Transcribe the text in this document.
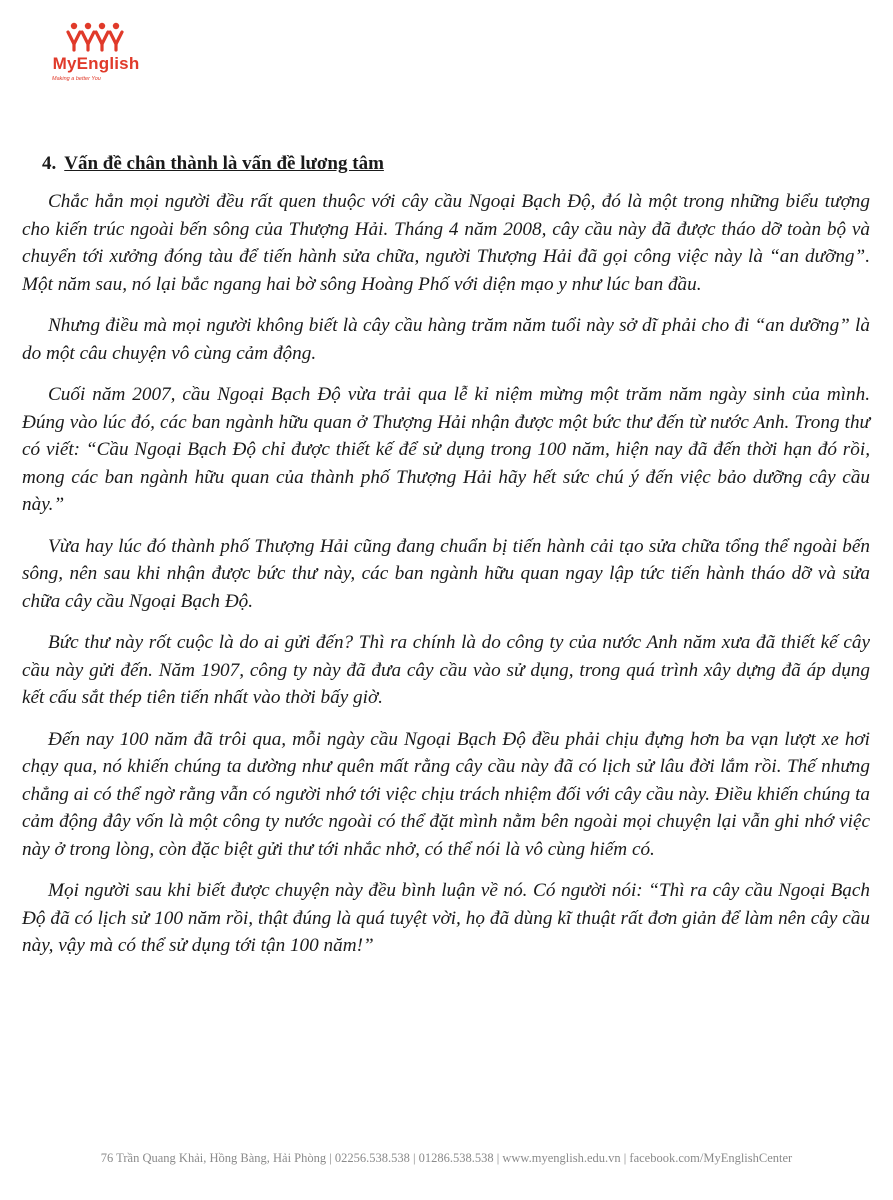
MyEnglish
Making a better You
4. Vấn đề chân thành là vấn đề lương tâm

Chắc hẳn mọi người đều rất quen thuộc với cây cầu Ngoại Bạch Độ, đó là một trong những biểu tượng cho kiến trúc ngoài bến sông của Thượng Hải. Tháng 4 năm 2008, cây cầu này đã được tháo dỡ toàn bộ và chuyển tới xưởng đóng tàu để tiến hành sửa chữa, người Thượng Hải đã gọi công việc này là “an dưỡng”. Một năm sau, nó lại bắc ngang hai bờ sông Hoàng Phố với diện mạo y như lúc ban đầu.

Nhưng điều mà mọi người không biết là cây cầu hàng trăm năm tuổi này sở dĩ phải cho đi “an dưỡng” là do một câu chuyện vô cùng cảm động.

Cuối năm 2007, cầu Ngoại Bạch Độ vừa trải qua lễ kỉ niệm mừng một trăm năm ngày sinh của mình. Đúng vào lúc đó, các ban ngành hữu quan ở Thượng Hải nhận được một bức thư đến từ nước Anh. Trong thư có viết: “Cầu Ngoại Bạch Độ chỉ được thiết kế để sử dụng trong 100 năm, hiện nay đã đến thời hạn đó rồi, mong các ban ngành hữu quan của thành phố Thượng Hải hãy hết sức chú ý đến việc bảo dưỡng cây cầu này.”

Vừa hay lúc đó thành phố Thượng Hải cũng đang chuẩn bị tiến hành cải tạo sửa chữa tổng thể ngoài bến sông, nên sau khi nhận được bức thư này, các ban ngành hữu quan ngay lập tức tiến hành tháo dỡ và sửa chữa cây cầu Ngoại Bạch Độ.

Bức thư này rốt cuộc là do ai gửi đến? Thì ra chính là do công ty của nước Anh năm xưa đã thiết kế cây cầu này gửi đến. Năm 1907, công ty này đã đưa cây cầu vào sử dụng, trong quá trình xây dựng đã áp dụng kết cấu sắt thép tiên tiến nhất vào thời bấy giờ.

Đến nay 100 năm đã trôi qua, mỗi ngày cầu Ngoại Bạch Độ đều phải chịu đựng hơn ba vạn lượt xe hơi chạy qua, nó khiến chúng ta dường như quên mất rằng cây cầu này đã có lịch sử lâu đời lắm rồi. Thế nhưng chẳng ai có thể ngờ rằng vẫn có người nhớ tới việc chịu trách nhiệm đối với cây cầu này. Điều khiến chúng ta cảm động đây vốn là một công ty nước ngoài có thể đặt mình nằm bên ngoài mọi chuyện lại vẫn ghi nhớ việc này ở trong lòng, còn đặc biệt gửi thư tới nhắc nhở, có thể nói là vô cùng hiếm có.

Mọi người sau khi biết được chuyện này đều bình luận về nó. Có người nói: “Thì ra cây cầu Ngoại Bạch Độ đã có lịch sử 100 năm rồi, thật đúng là quá tuyệt vời, họ đã dùng kĩ thuật rất đơn giản để làm nên cây cầu này, vậy mà có thể sử dụng tới tận 100 năm!”

76 Trần Quang Khải, Hồng Bàng, Hải Phòng | 02256.538.538 | 01286.538.538 | www.myenglish.edu.vn | facebook.com/MyEnglishCenter
